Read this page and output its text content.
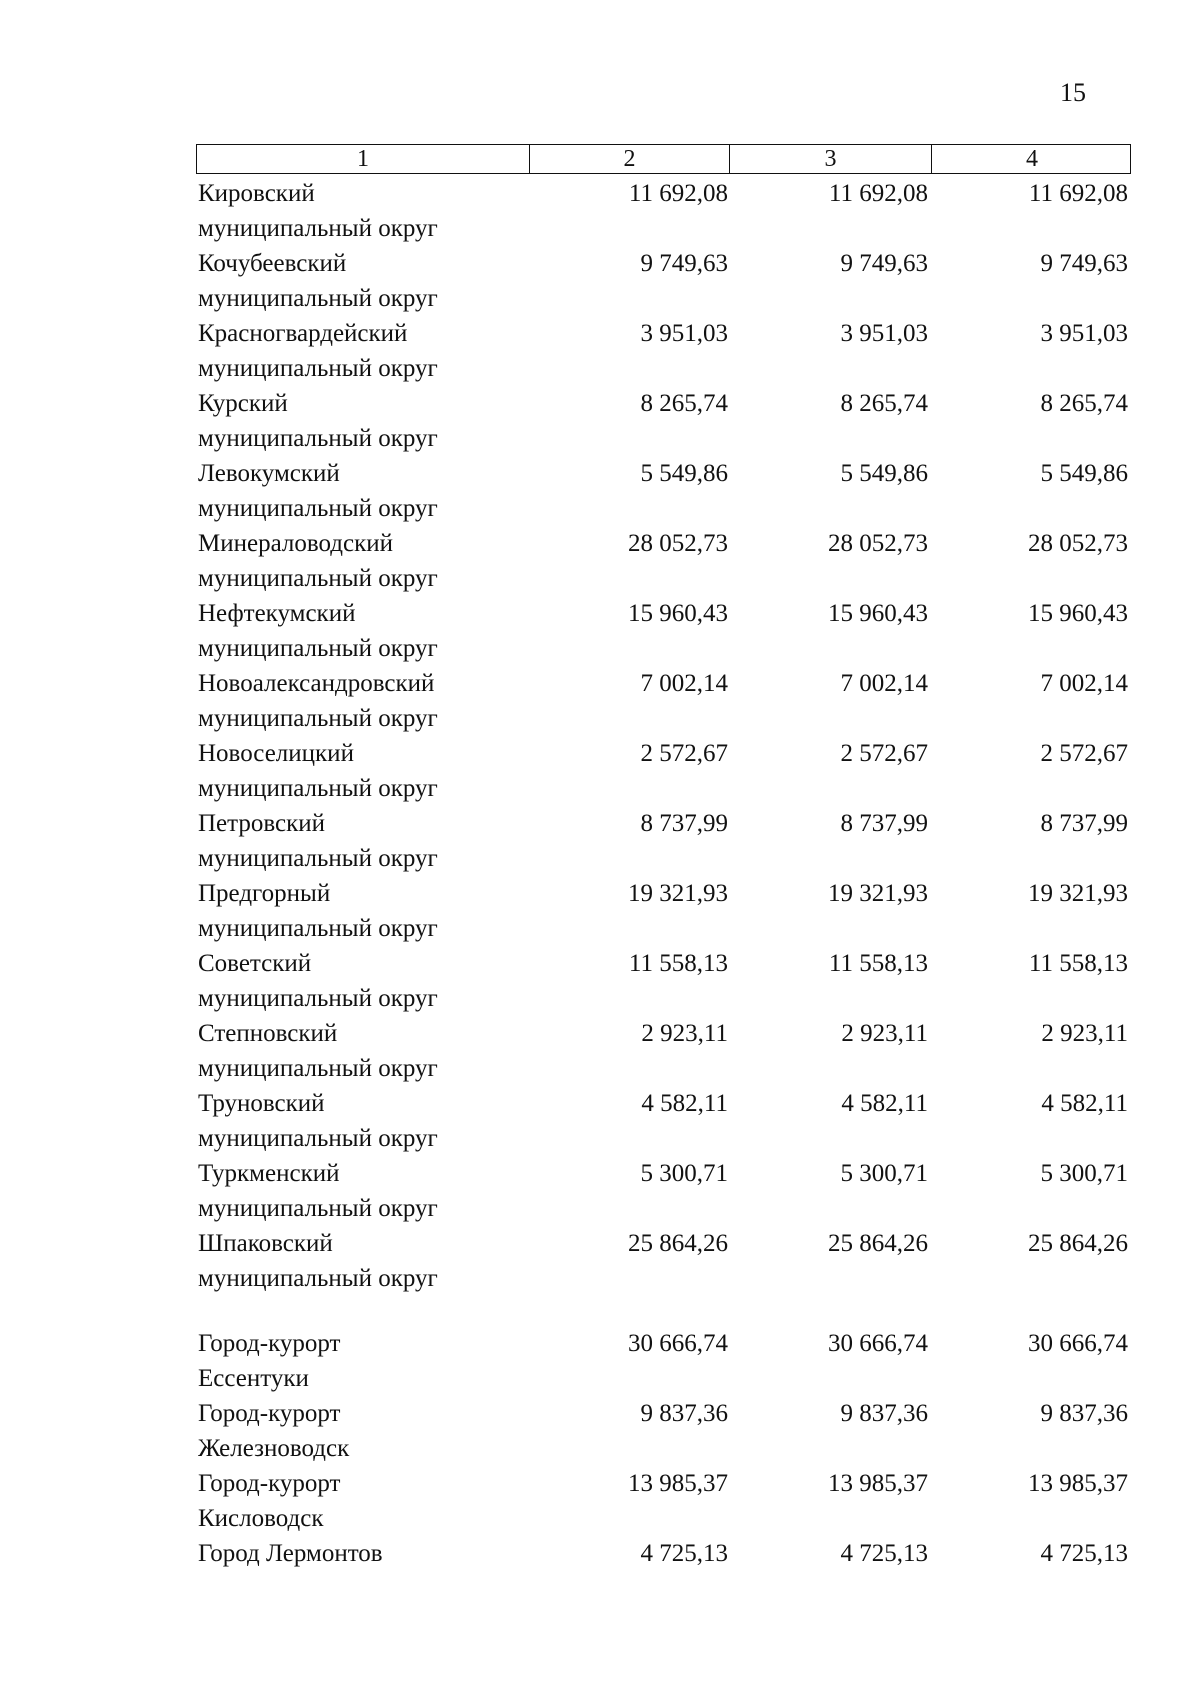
15
1	2	3	4
Кировский	11 692,08	11 692,08	11 692,08
муниципальный округ
Кочубеевский	9 749,63	9 749,63	9 749,63
муниципальный округ
Красногвардейский	3 951,03	3 951,03	3 951,03
муниципальный округ
Курский	8 265,74	8 265,74	8 265,74
муниципальный округ
Левокумский	5 549,86	5 549,86	5 549,86
муниципальный округ
Минераловодский	28 052,73	28 052,73	28 052,73
муниципальный округ
Нефтекумский	15 960,43	15 960,43	15 960,43
муниципальный округ
Новоалександровский	7 002,14	7 002,14	7 002,14
муниципальный округ
Новоселицкий	2 572,67	2 572,67	2 572,67
муниципальный округ
Петровский	8 737,99	8 737,99	8 737,99
муниципальный округ
Предгорный	19 321,93	19 321,93	19 321,93
муниципальный округ
Советский	11 558,13	11 558,13	11 558,13
муниципальный округ
Степновский	2 923,11	2 923,11	2 923,11
муниципальный округ
Труновский	4 582,11	4 582,11	4 582,11
муниципальный округ
Туркменский	5 300,71	5 300,71	5 300,71
муниципальный округ
Шпаковский	25 864,26	25 864,26	25 864,26
муниципальный округ
Город-курорт	30 666,74	30 666,74	30 666,74
Ессентуки
Город-курорт	9 837,36	9 837,36	9 837,36
Железноводск
Город-курорт	13 985,37	13 985,37	13 985,37
Кисловодск
Город Лермонтов	4 725,13	4 725,13	4 725,13
